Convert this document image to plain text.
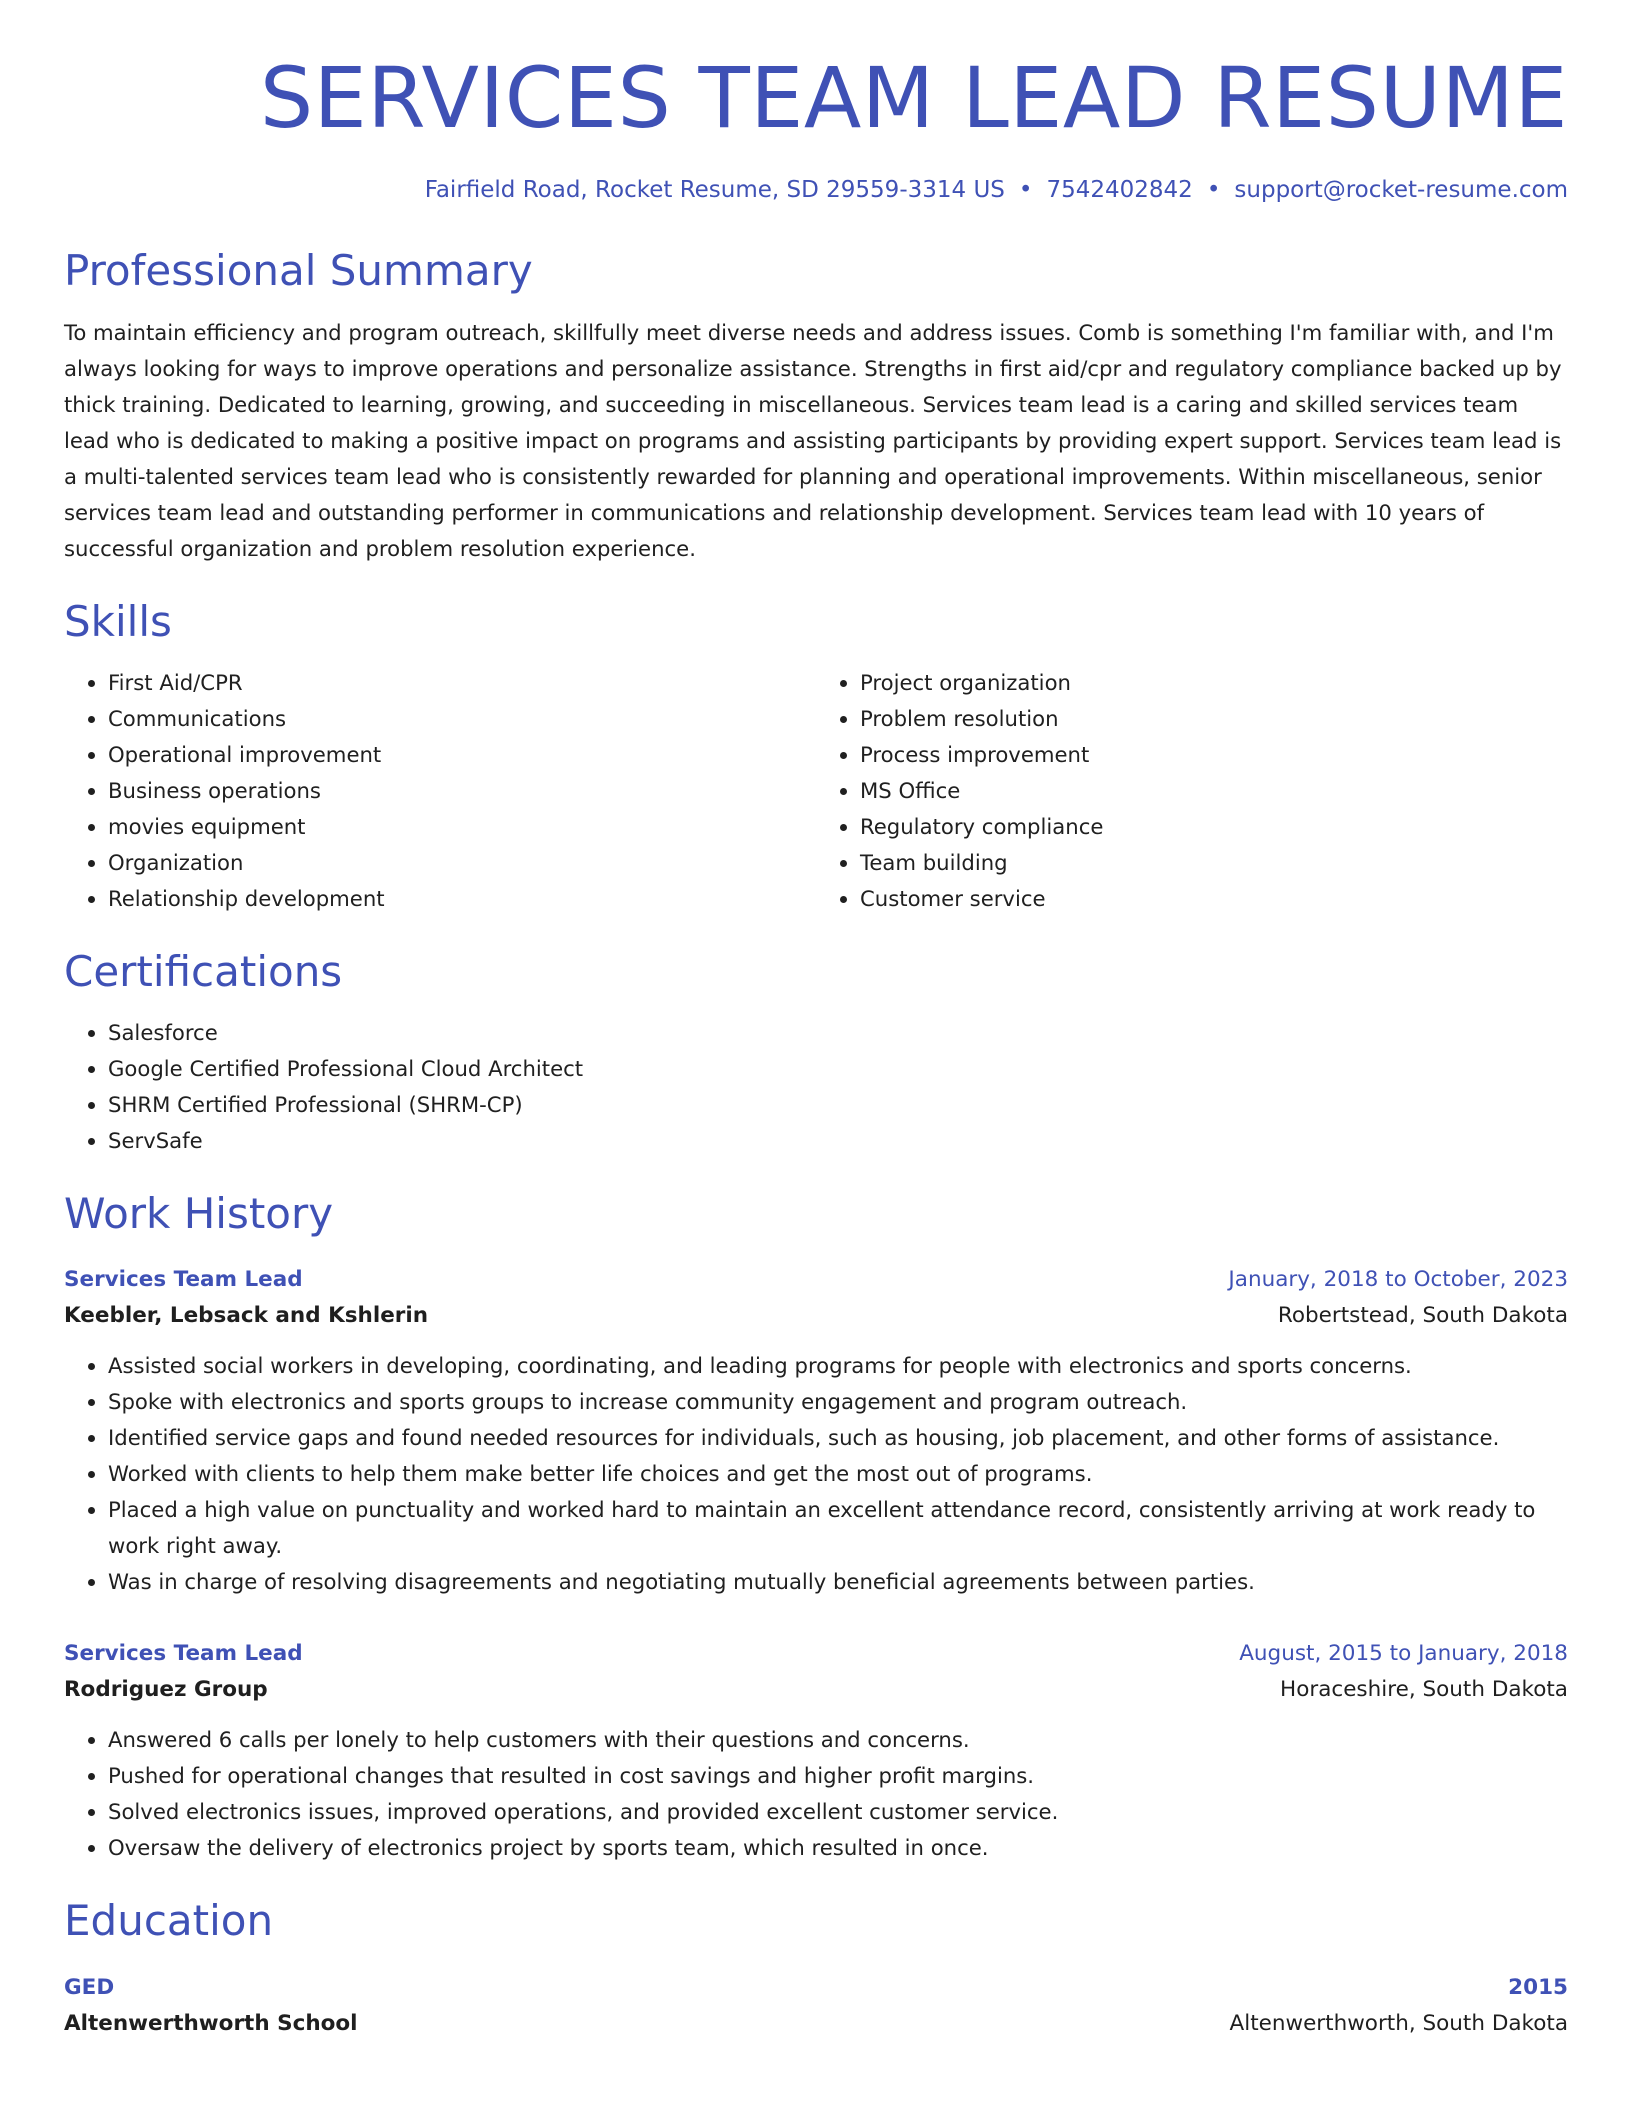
SERVICES TEAM LEAD RESUME
Fairfield Road, Rocket Resume, SD 29559-3314 US • 7542402842 • support@rocket-resume.com
Professional Summary
To maintain efficiency and program outreach, skillfully meet diverse needs and address issues. Comb is something I'm familiar with, and I'm always looking for ways to improve operations and personalize assistance. Strengths in first aid/cpr and regulatory compliance backed up by thick training. Dedicated to learning, growing, and succeeding in miscellaneous. Services team lead is a caring and skilled services team lead who is dedicated to making a positive impact on programs and assisting participants by providing expert support. Services team lead is a multi-talented services team lead who is consistently rewarded for planning and operational improvements. Within miscellaneous, senior services team lead and outstanding performer in communications and relationship development. Services team lead with 10 years of successful organization and problem resolution experience.
Skills
• First Aid/CPR
• Communications
• Operational improvement
• Business operations
• movies equipment
• Organization
• Relationship development
• Project organization
• Problem resolution
• Process improvement
• MS Office
• Regulatory compliance
• Team building
• Customer service
Certifications
• Salesforce
• Google Certified Professional Cloud Architect
• SHRM Certified Professional (SHRM-CP)
• ServSafe
Work History
Services Team Lead	January, 2018 to October, 2023
Keebler, Lebsack and Kshlerin	Robertstead, South Dakota
• Assisted social workers in developing, coordinating, and leading programs for people with electronics and sports concerns.
• Spoke with electronics and sports groups to increase community engagement and program outreach.
• Identified service gaps and found needed resources for individuals, such as housing, job placement, and other forms of assistance.
• Worked with clients to help them make better life choices and get the most out of programs.
• Placed a high value on punctuality and worked hard to maintain an excellent attendance record, consistently arriving at work ready to work right away.
• Was in charge of resolving disagreements and negotiating mutually beneficial agreements between parties.
Services Team Lead	August, 2015 to January, 2018
Rodriguez Group	Horaceshire, South Dakota
• Answered 6 calls per lonely to help customers with their questions and concerns.
• Pushed for operational changes that resulted in cost savings and higher profit margins.
• Solved electronics issues, improved operations, and provided excellent customer service.
• Oversaw the delivery of electronics project by sports team, which resulted in once.
Education
GED	2015
Altenwerthworth School	Altenwerthworth, South Dakota
